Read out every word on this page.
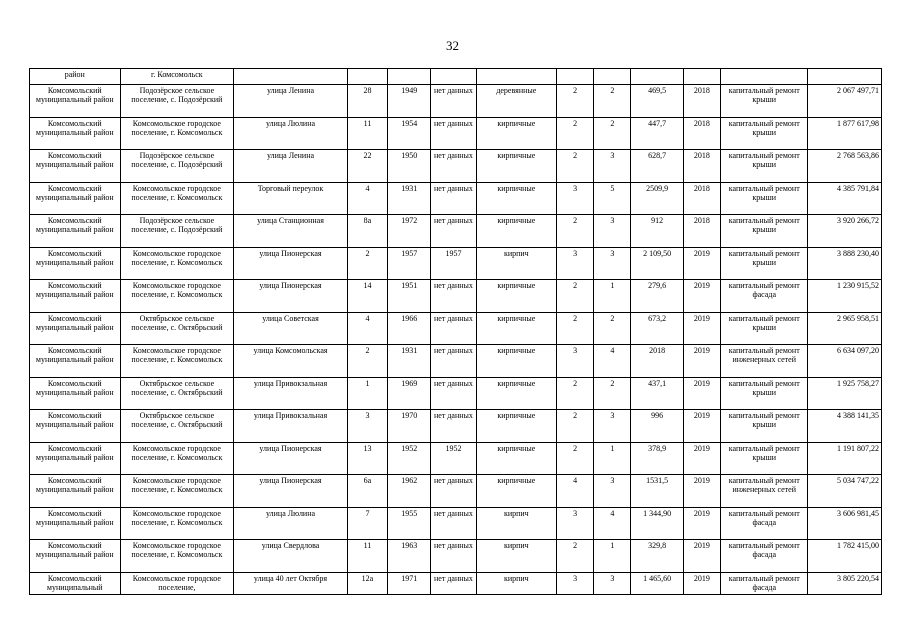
32
район	г. Комсомольск											
Комсомольский муниципальный район	Подозёрское сельское поселение, с. Подозёрский	улица Ленина	28	1949	нет данных	деревянные	2	2	469,5	2018	капитальный ремонт крыши	2 067 497,71
Комсомольский муниципальный район	Комсомольское городское поселение, г. Комсомольск	улица Люлина	11	1954	нет данных	кирпичные	2	2	447,7	2018	капитальный ремонт крыши	1 877 617,98
Комсомольский муниципальный район	Подозёрское сельское поселение, с. Подозёрский	улица Ленина	22	1950	нет данных	кирпичные	2	3	628,7	2018	капитальный ремонт крыши	2 768 563,86
Комсомольский муниципальный район	Комсомольское городское поселение, г. Комсомольск	Торговый переулок	4	1931	нет данных	кирпичные	3	5	2509,9	2018	капитальный ремонт крыши	4 385 791,84
Комсомольский муниципальный район	Подозёрское сельское поселение, с. Подозёрский	улица Станционная	8а	1972	нет данных	кирпичные	2	3	912	2018	капитальный ремонт крыши	3 920 266,72
Комсомольский муниципальный район	Комсомольское городское поселение, г. Комсомольск	улица Пионерская	2	1957	1957	кирпич	3	3	2 109,50	2019	капитальный ремонт крыши	3 888 230,40
Комсомольский муниципальный район	Комсомольское городское поселение, г. Комсомольск	улица Пионерская	14	1951	нет данных	кирпичные	2	1	279,6	2019	капитальный ремонт фасада	1 230 915,52
Комсомольский муниципальный район	Октябрьское сельское поселение, с. Октябрьский	улица Советская	4	1966	нет данных	кирпичные	2	2	673,2	2019	капитальный ремонт крыши	2 965 958,51
Комсомольский муниципальный район	Комсомольское городское поселение, г. Комсомольск	улица Комсомольская	2	1931	нет данных	кирпичные	3	4	2018	2019	капитальный ремонт инженерных сетей	6 634 097,20
Комсомольский муниципальный район	Октябрьское сельское поселение, с. Октябрьский	улица Привокзальная	1	1969	нет данных	кирпичные	2	2	437,1	2019	капитальный ремонт крыши	1 925 758,27
Комсомольский муниципальный район	Октябрьское сельское поселение, с. Октябрьский	улица Привокзальная	3	1970	нет данных	кирпичные	2	3	996	2019	капитальный ремонт крыши	4 388 141,35
Комсомольский муниципальный район	Комсомольское городское поселение, г. Комсомольск	улица Пионерская	13	1952	1952	кирпичные	2	1	378,9	2019	капитальный ремонт крыши	1 191 807,22
Комсомольский муниципальный район	Комсомольское городское поселение, г. Комсомольск	улица Пионерская	6а	1962	нет данных	кирпичные	4	3	1531,5	2019	капитальный ремонт инженерных сетей	5 034 747,22
Комсомольский муниципальный район	Комсомольское городское поселение, г. Комсомольск	улица Люлина	7	1955	нет данных	кирпич	3	4	1 344,90	2019	капитальный ремонт фасада	3 606 981,45
Комсомольский муниципальный район	Комсомольское городское поселение, г. Комсомольск	улица Свердлова	11	1963	нет данных	кирпич	2	1	329,8	2019	капитальный ремонт фасада	1 782 415,00
Комсомольский муниципальный	Комсомольское городское поселение,	улица 40 лет Октября	12а	1971	нет данных	кирпич	3	3	1 465,60	2019	капитальный ремонт фасада	3 805 220,54
